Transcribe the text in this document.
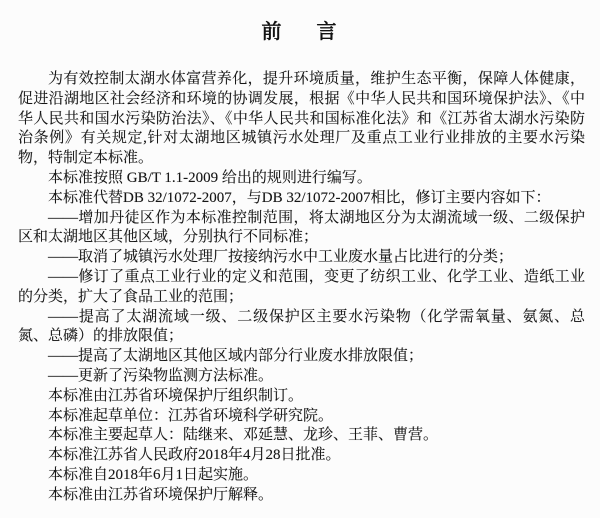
前 言

为有效控制太湖水体富营养化，提升环境质量，维护生态平衡，保障人体健康，促进沿湖地区社会经济和环境的协调发展，根据《中华人民共和国环境保护法》、《中华人民共和国水污染防治法》、《中华人民共和国标准化法》和《江苏省太湖水污染防治条例》有关规定,针对太湖地区城镇污水处理厂及重点工业行业排放的主要水污染物，特制定本标准。

本标准按照 GB/T 1.1-2009 给出的规则进行编写。

本标准代替DB 32/1072-2007，与DB 32/1072-2007相比，修订主要内容如下：

——增加丹徒区作为本标准控制范围，将太湖地区分为太湖流域一级、二级保护区和太湖地区其他区域，分别执行不同标准；

——取消了城镇污水处理厂按接纳污水中工业废水量占比进行的分类；

——修订了重点工业行业的定义和范围，变更了纺织工业、化学工业、造纸工业的分类，扩大了食品工业的范围；

——提高了太湖流域一级、二级保护区主要水污染物（化学需氧量、氨氮、总氮、总磷）的排放限值；

——提高了太湖地区其他区域内部分行业废水排放限值；

——更新了污染物监测方法标准。

本标准由江苏省环境保护厅组织制订。

本标准起草单位：江苏省环境科学研究院。

本标准主要起草人：陆继来、邓延慧、龙珍、王菲、曹营。

本标准江苏省人民政府2018年4月28日批准。

本标准自2018年6月1日起实施。

本标准由江苏省环境保护厅解释。
